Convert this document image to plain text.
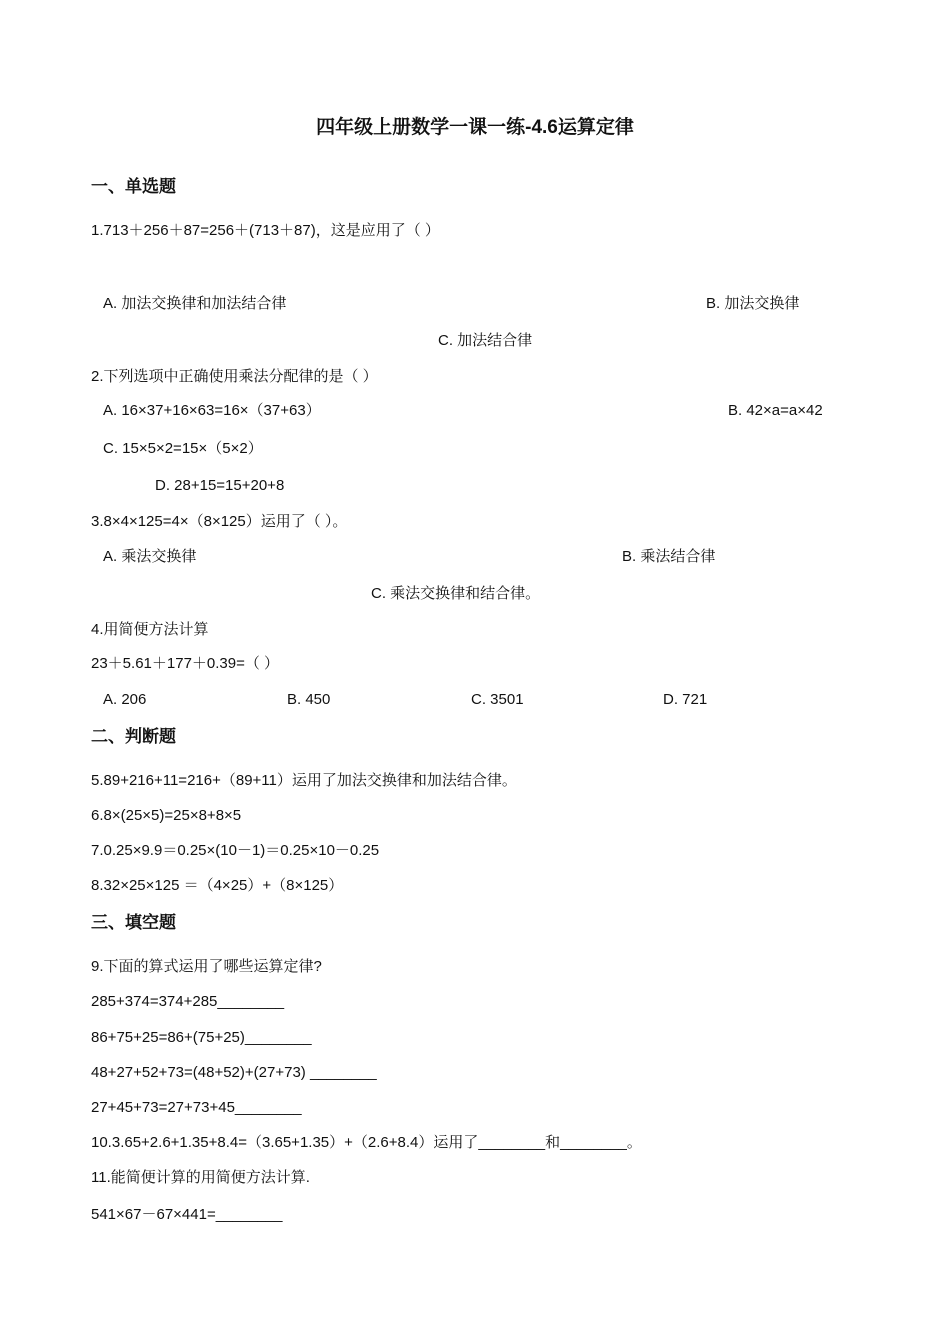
四年级上册数学一课一练-4.6运算定律
一、单选题
1.713＋256＋87=256＋(713＋87)，这是应用了（ ）
A. 加法交换律和加法结合律	B. 加法交换律
C. 加法结合律
2.下列选项中正确使用乘法分配律的是（ ）
A. 16×37+16×63=16×（37+63）	B. 42×a=a×42
C. 15×5×2=15×（5×2）
D. 28+15=15+20+8
3.8×4×125=4×（8×125）运用了（ ）。
A. 乘法交换律	B. 乘法结合律
C. 乘法交换律和结合律。
4.用简便方法计算
23＋5.61＋177＋0.39=（ ）
A. 206	B. 450	C. 3501	D. 721
二、判断题
5.89+216+11=216+（89+11）运用了加法交换律和加法结合律。
6.8×(25×5)=25×8+8×5
7.0.25×9.9＝0.25×(10－1)＝0.25×10－0.25
8.32×25×125 ＝（4×25）+（8×125）
三、填空题
9.下面的算式运用了哪些运算定律?
285+374=374+285________
86+75+25=86+(75+25)________
48+27+52+73=(48+52)+(27+73) ________
27+45+73=27+73+45________
10.3.65+2.6+1.35+8.4=（3.65+1.35）+（2.6+8.4）运用了________和________。
11.能简便计算的用简便方法计算.
541×67－67×441=________
